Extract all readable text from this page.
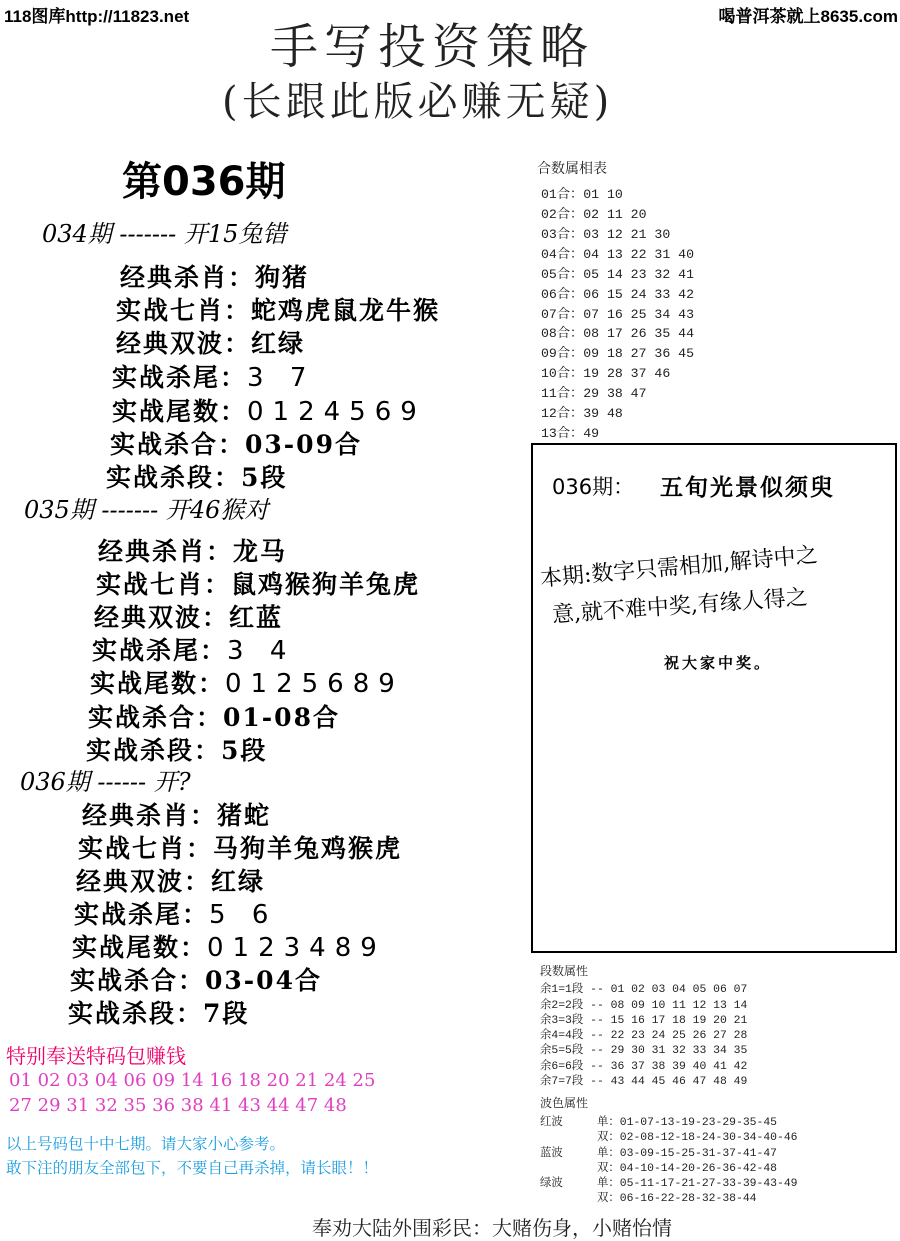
118图库http://11823.net	喝普洱茶就上8635.com
手写投资策略
(长跟此版必赚无疑)
第036期
034期 ------- 开15兔错
经典杀肖：狗猪
实战七肖：蛇鸡虎鼠龙牛猴
经典双波：红绿
实战杀尾：3 7
实战尾数：0124569
实战杀合：03-09合
实战杀段：5段
035期 ------- 开46猴对
经典杀肖：龙马
实战七肖：鼠鸡猴狗羊兔虎
经典双波：红蓝
实战杀尾：3 4
实战尾数：0125689
实战杀合：01-08合
实战杀段：5段
036期 ------ 开?
经典杀肖：猪蛇
实战七肖：马狗羊兔鸡猴虎
经典双波：红绿
实战杀尾：5 6
实战尾数：0123489
实战杀合：03-04合
实战杀段：7段
合数属相表
01合：01 10
02合：02 11 20
03合：03 12 21 30
04合：04 13 22 31 40
05合：05 14 23 32 41
06合：06 15 24 33 42
07合：07 16 25 34 43
08合：08 17 26 35 44
09合：09 18 27 36 45
10合：19 28 37 46
11合：29 38 47
12合：39 48
13合：49
036期： 五旬光景似须臾
本期:数字只需相加,解诗中之
意,就不难中奖,有缘人得之
祝大家中奖。
段数属性
余1=1段 -- 01 02 03 04 05 06 07
余2=2段 -- 08 09 10 11 12 13 14
余3=3段 -- 15 16 17 18 19 20 21
余4=4段 -- 22 23 24 25 26 27 28
余5=5段 -- 29 30 31 32 33 34 35
余6=6段 -- 36 37 38 39 40 41 42
余7=7段 -- 43 44 45 46 47 48 49
波色属性
红波	单：01-07-13-19-23-29-35-45
双：02-08-12-18-24-30-34-40-46
蓝波	单：03-09-15-25-31-37-41-47
双：04-10-14-20-26-36-42-48
绿波	单：05-11-17-21-27-33-39-43-49
双：06-16-22-28-32-38-44
特别奉送特码包赚钱
01 02 03 04 06 09 14 16 18 20 21 24 25
27 29 31 32 35 36 38 41 43 44 47 48
以上号码包十中七期。请大家小心参考。
敢下注的朋友全部包下，不要自己再杀掉，请长眼！！
奉劝大陆外围彩民：大赌伤身，小赌怡情
